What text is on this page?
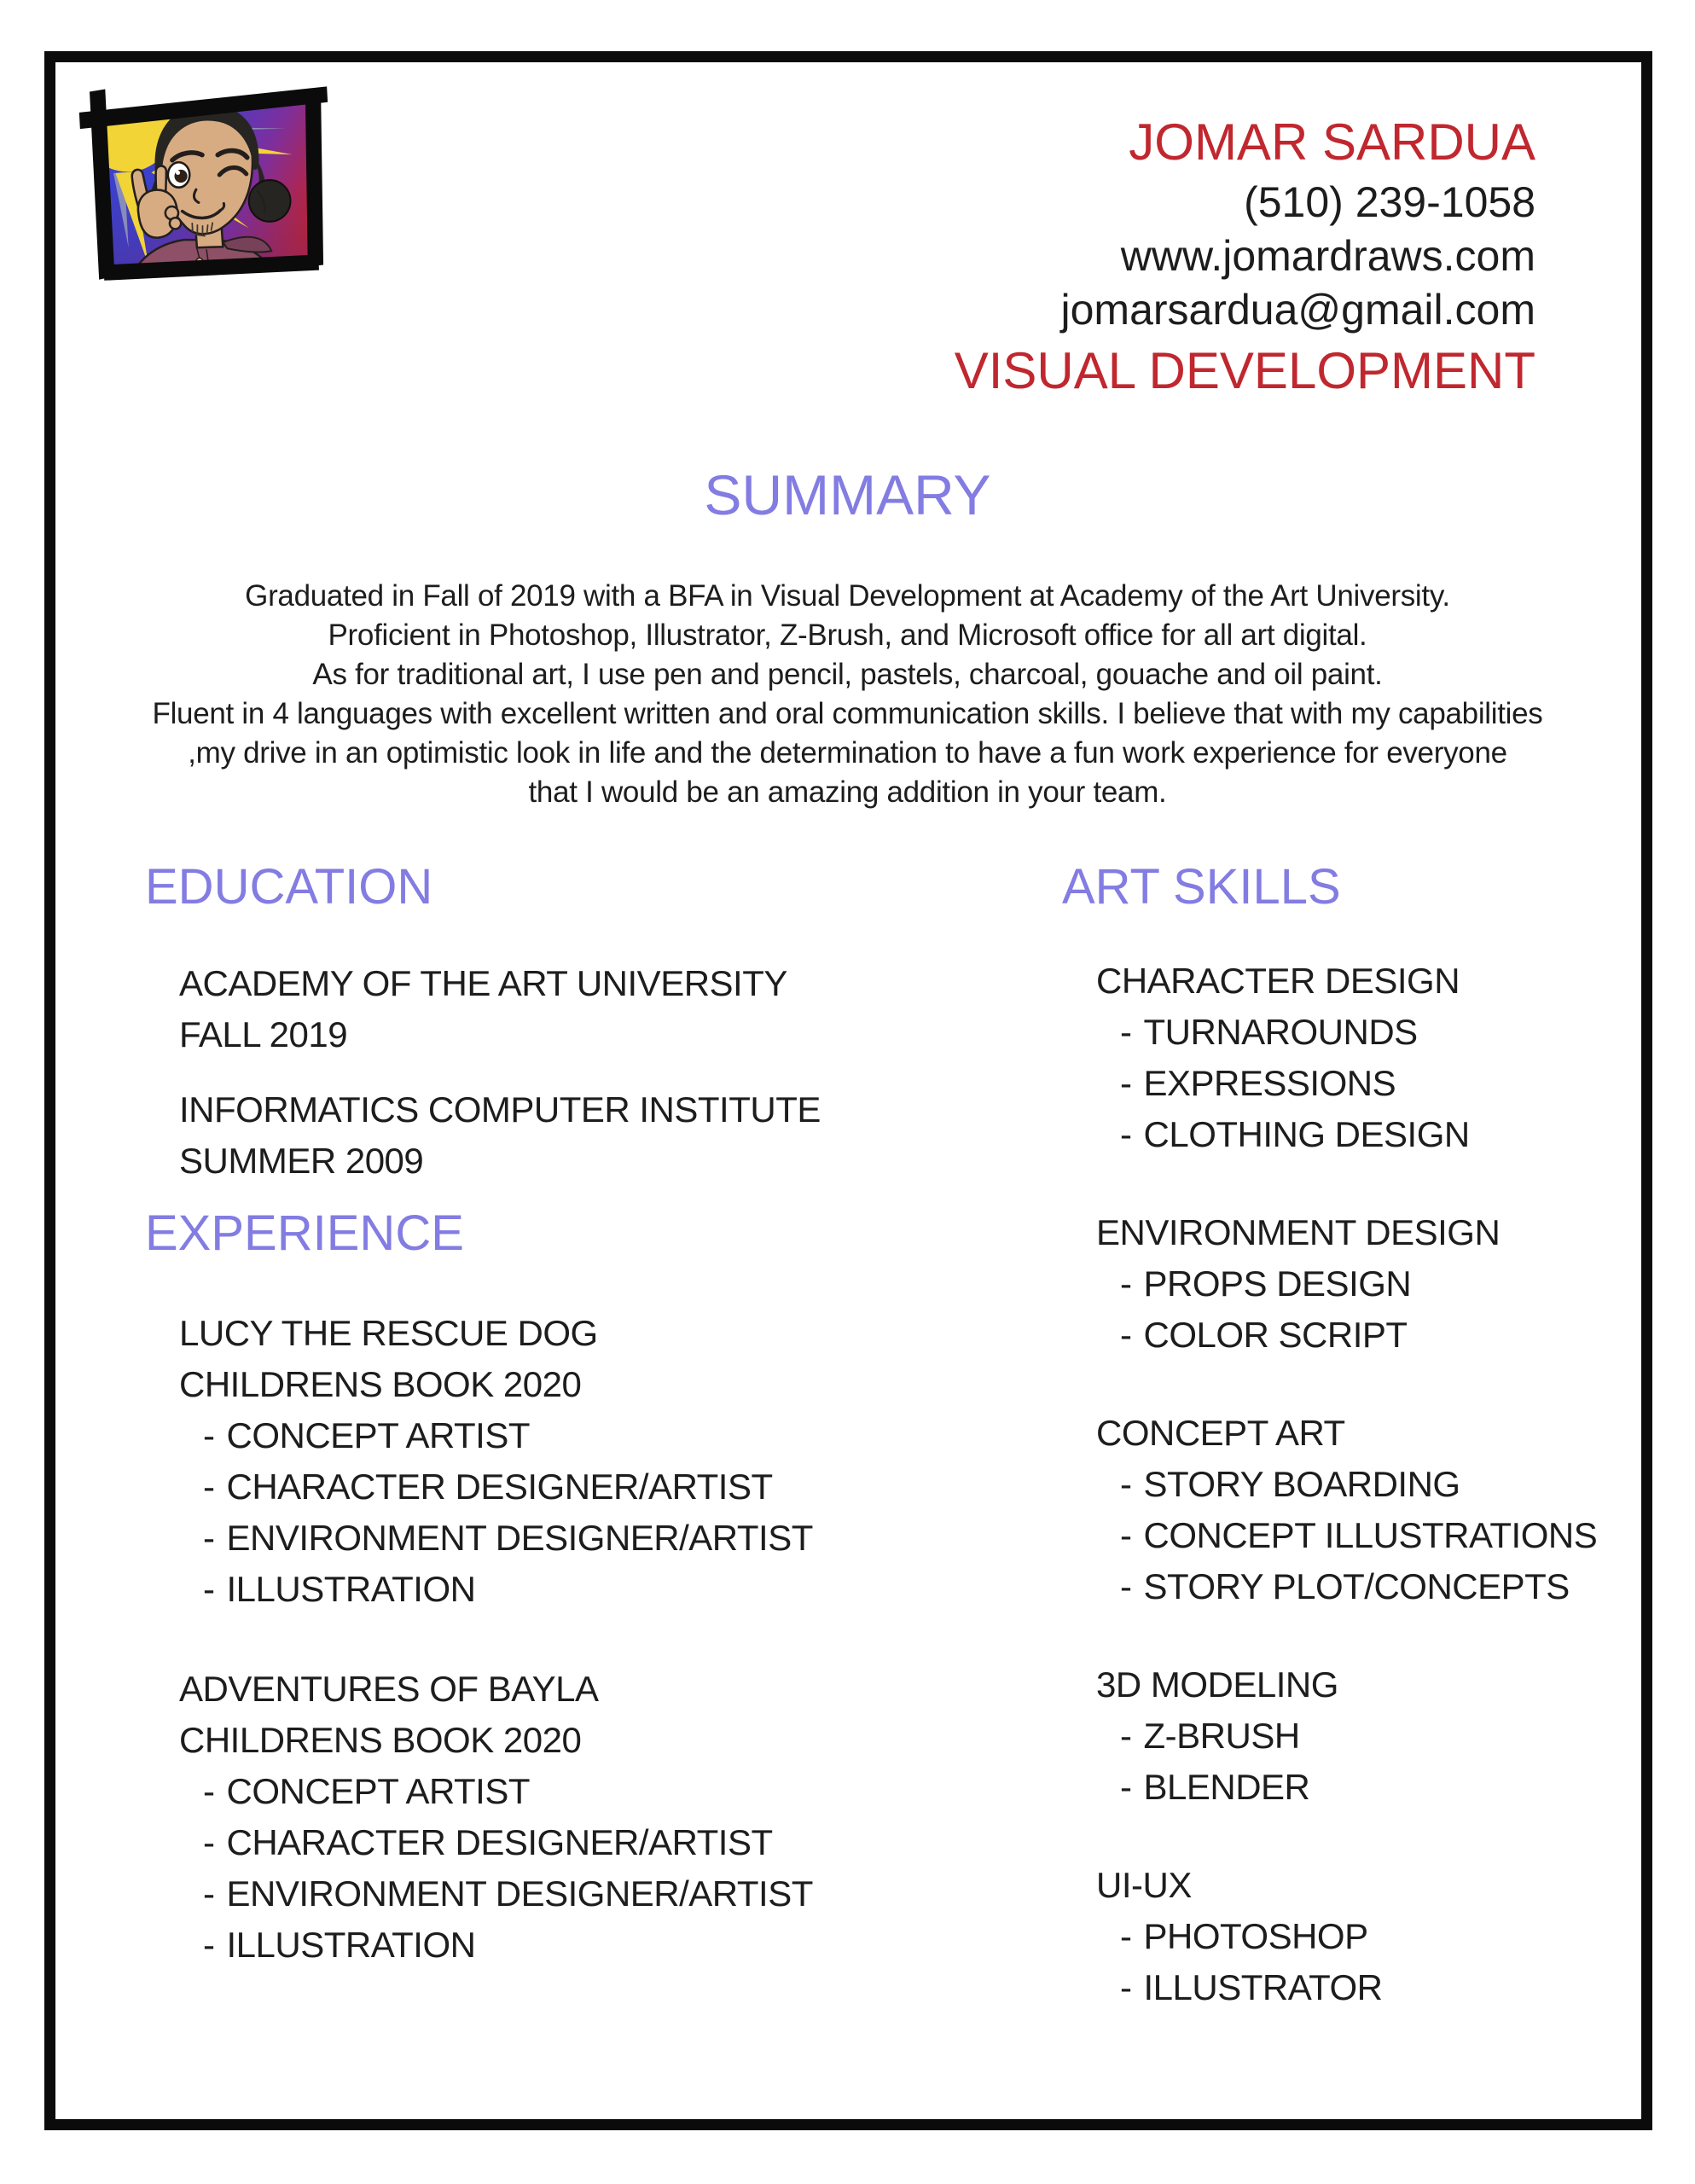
JOMAR SARDUA
(510) 239-1058
www.jomardraws.com
jomarsardua@gmail.com
VISUAL DEVELOPMENT
SUMMARY
Graduated in Fall of 2019 with a BFA in Visual Development at Academy of the Art University.
Proficient in Photoshop, Illustrator, Z-Brush, and Microsoft office for all art digital.
As for traditional art, I use pen and pencil, pastels, charcoal, gouache and oil paint.
Fluent in 4 languages with excellent written and oral communication skills. I believe that with my capabilities
,my drive in an optimistic look in life and the determination to have a fun work experience for everyone
that I would be an amazing addition in your team.
EDUCATION
ACADEMY OF THE ART UNIVERSITY
FALL 2019
INFORMATICS COMPUTER INSTITUTE
SUMMER 2009
EXPERIENCE
LUCY THE RESCUE DOG
CHILDRENS BOOK 2020
- CONCEPT ARTIST
- CHARACTER DESIGNER/ARTIST
- ENVIRONMENT DESIGNER/ARTIST
- ILLUSTRATION
ADVENTURES OF BAYLA
CHILDRENS BOOK 2020
- CONCEPT ARTIST
- CHARACTER DESIGNER/ARTIST
- ENVIRONMENT DESIGNER/ARTIST
- ILLUSTRATION
ART SKILLS
CHARACTER DESIGN
- TURNAROUNDS
- EXPRESSIONS
- CLOTHING DESIGN
ENVIRONMENT DESIGN
- PROPS DESIGN
- COLOR SCRIPT
CONCEPT ART
- STORY BOARDING
- CONCEPT ILLUSTRATIONS
- STORY PLOT/CONCEPTS
3D MODELING
- Z-BRUSH
- BLENDER
UI-UX
- PHOTOSHOP
- ILLUSTRATOR
